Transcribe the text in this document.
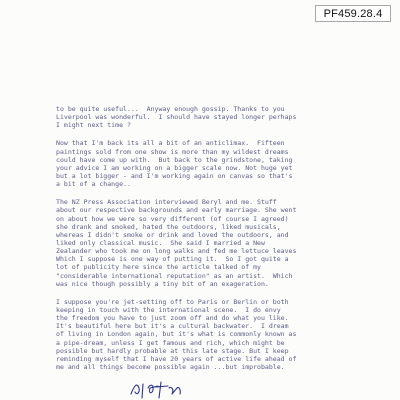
PF459.28.4
to be quite useful...  Anyway enough gossip. Thanks to you
Liverpool was wonderful.  I should have stayed longer perhaps
I might next time ?
Now that I'm back its all a bit of an anticlimax.  Fifteen
paintings sold from one show is more than my wildest dreams
could have come up with.  But back to the grindstone, taking
your advice I am working on a bigger scale now. Not huge yet
but a lot bigger - and I'm working again on canvas so that's
a bit of a change..
The NZ Press Association interviewed Beryl and me. Stuff
about our respective backgrounds and early marriage. She went
on about how we were so very different (of course I agreed)
she drank and smoked, hated the outdoors, liked musicals,
whereas I didn't smoke or drink and loved the outdoors, and
liked only classical music.  She said I married a New
Zealander who took me on long walks and fed me lettuce leaves
Which I suppose is one way of putting it.  So I got quite a
lot of publicity here since the article talked of my
"considerable international reputation" as an artist.  Which
was nice though possibly a tiny bit of an exageration.
I suppose you're jet-setting off to Paris or Berlin or both
keeping in touch with the international scene.  I do envy
the freedom you have to just zoom off and do what you like.
It's beautiful here but it's a cultural backwater.  I dream
of living in London again, but it's what is commonly known as
a pipe-dream, unless I get famous and rich, which might be
possible but hardly probable at this late stage. But I keep
reminding myself that I have 20 years of active life ahead of
me and all things become possible again ...but improbable.
